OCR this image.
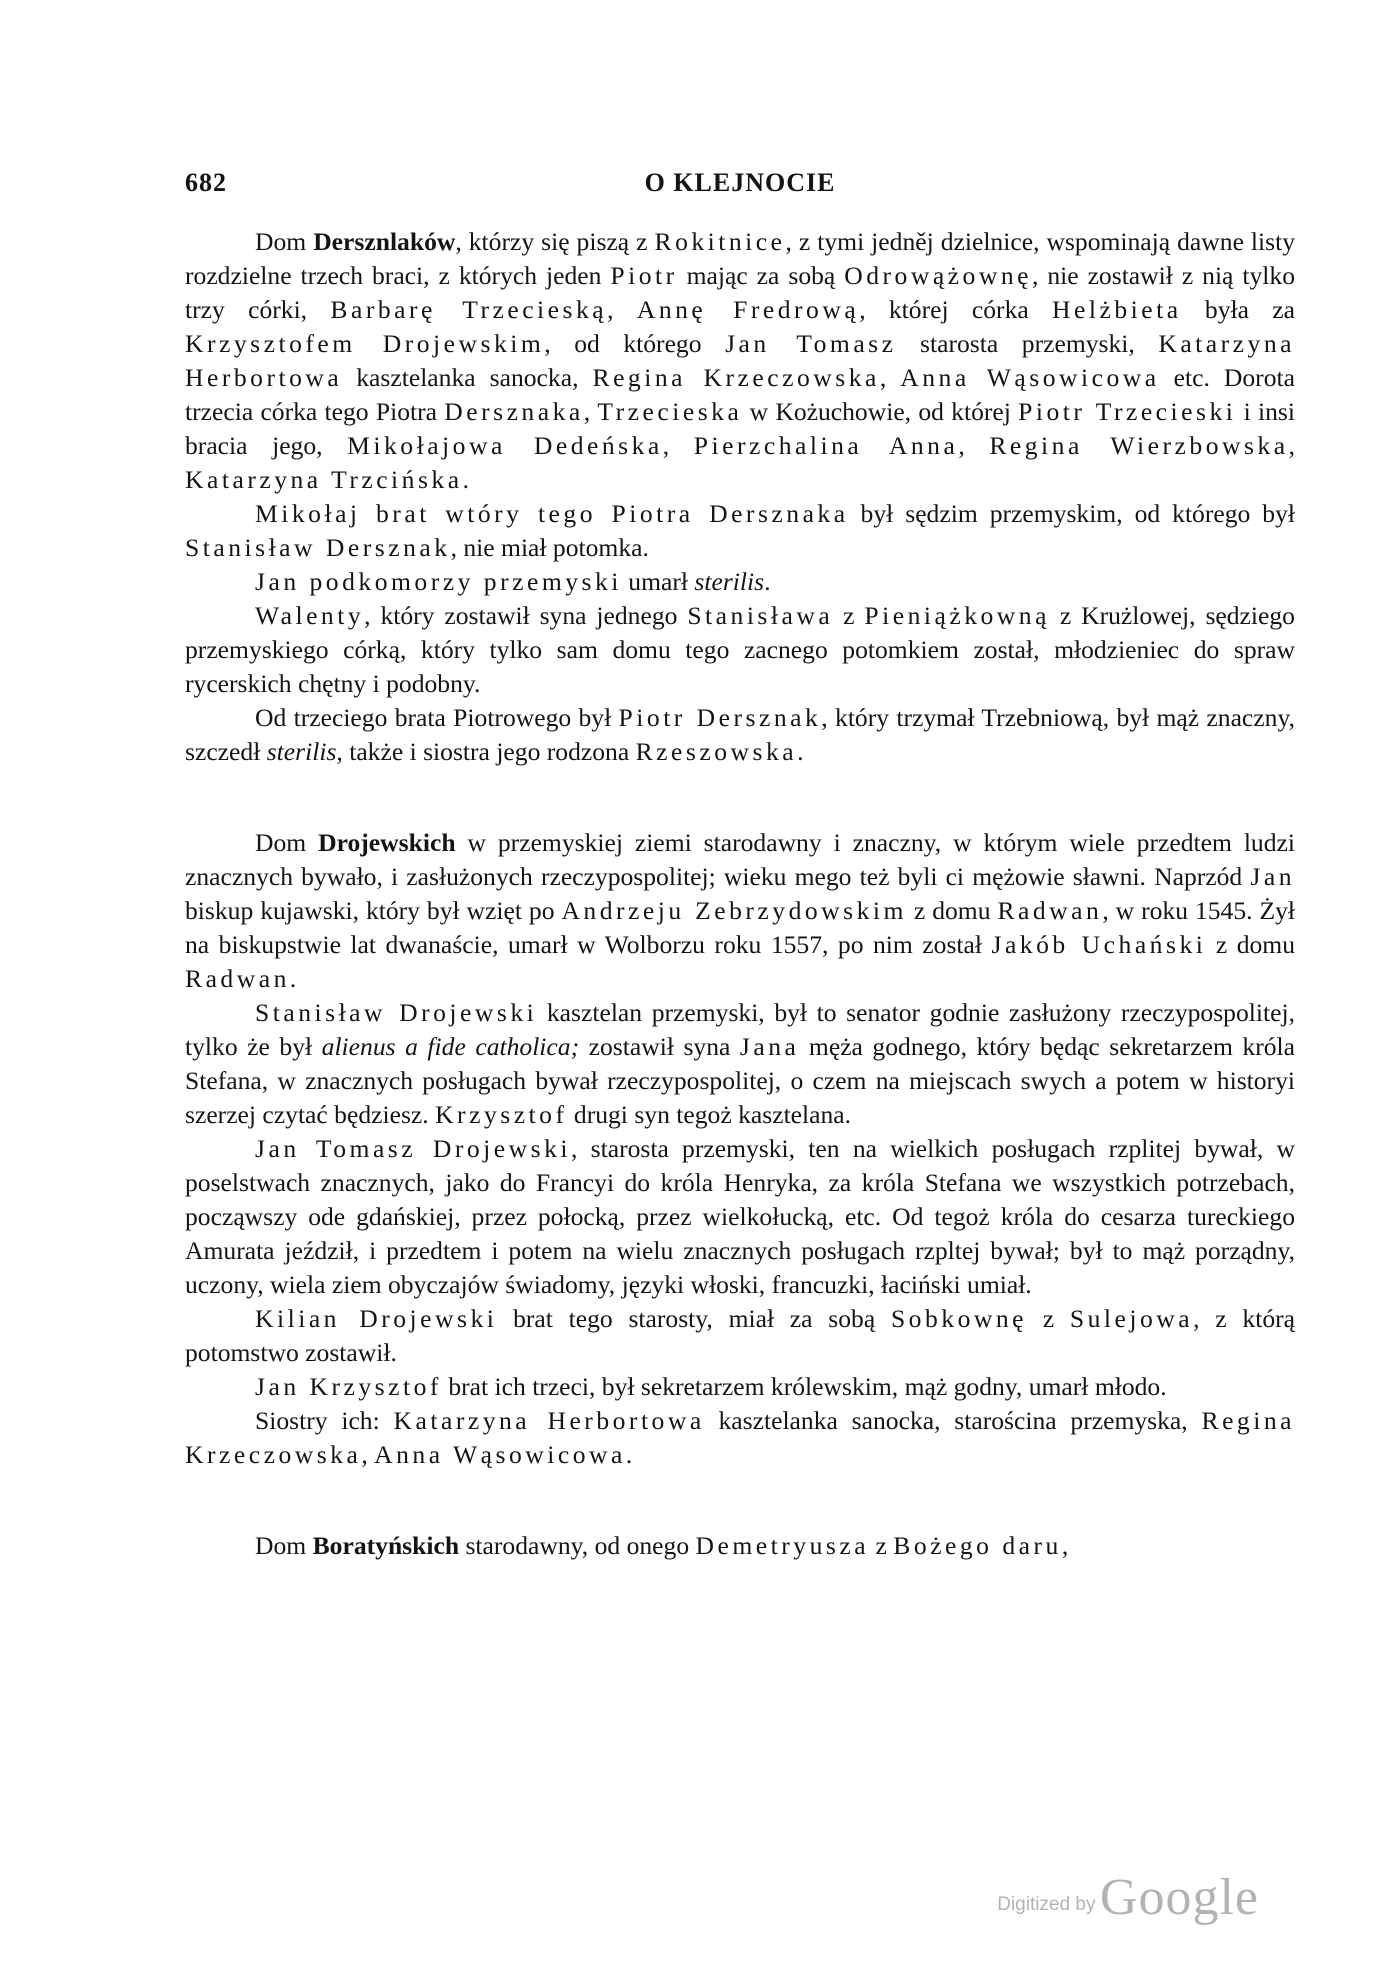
682	O KLEJNOCIE

Dom Dersznlaków, którzy się piszą z Rokitnice, z tymi jedněj dzielnice, wspominają dawne listy rozdzielne trzech braci, z których jeden Piotr mając za sobą Odrowążownę, nie zostawił z nią tylko trzy córki, Barbarę Trzecieską, Annę Fredrową, której córka Helżbieta była za Krzysztofem Drojewskim, od którego Jan Tomasz starosta przemyski, Katarzyna Herbortowa kasztelanka sanocka, Regina Krzeczowska, Anna Wąsowicowa etc. Dorota trzecia córka tego Piotra Dersznaka, Trzecieska w Kożuchowie, od której Piotr Trzecieski i insi bracia jego, Mikołajowa Dedeńska, Pierzchalina Anna, Regina Wierzbowska, Katarzyna Trzcińska.

Mikołaj brat wtóry tego Piotra Dersznaka był sędzim przemyskim, od którego był Stanisław Dersznak, nie miał potomka.

Jan podkomorzy przemyski umarł sterilis.

Walenty, który zostawił syna jednego Stanisława z Pieniążkowną z Krużlowej, sędziego przemyskiego córką, który tylko sam domu tego zacnego potomkiem został, młodzieniec do spraw rycerskich chętny i podobny.

Od trzeciego brata Piotrowego był Piotr Dersznak, który trzymał Trzebniową, był mąż znaczny, szczedł sterilis, także i siostra jego rodzona Rzeszowska.

Dom Drojewskich w przemyskiej ziemi starodawny i znaczny, w którym wiele przedtem ludzi znacznych bywało, i zasłużonych rzeczypospolitej; wieku mego też byli ci mężowie sławni. Naprzód Jan biskup kujawski, który był wzięt po Andrzeju Zebrzydowskim z domu Radwan, w roku 1545. Żył na biskupstwie lat dwanaście, umarł w Wolborzu roku 1557, po nim został Jakób Uchański z domu Radwan.

Stanisław Drojewski kasztelan przemyski, był to senator godnie zasłużony rzeczypospolitej, tylko że był alienus a fide catholica; zostawił syna Jana męża godnego, który będąc sekretarzem króla Stefana, w znacznych posługach bywał rzeczypospolitej, o czem na miejscach swych a potem w historyi szerzej czytać będziesz. Krzysztof drugi syn tegoż kasztelana.

Jan Tomasz Drojewski, starosta przemyski, ten na wielkich posługach rzplitej bywał, w poselstwach znacznych, jako do Francyi do króla Henryka, za króla Stefana we wszystkich potrzebach, począwszy ode gdańskiej, przez połocką, przez wielkołucką, etc. Od tegoż króla do cesarza tureckiego Amurata jeździł, i przedtem i potem na wielu znacznych posługach rzpltej bywał; był to mąż porządny, uczony, wiela ziem obyczajów świadomy, języki włoski, francuzki, łaciński umiał.

Kilian Drojewski brat tego starosty, miał za sobą Sobkownę z Sulejowa, z którą potomstwo zostawił.

Jan Krzysztof brat ich trzeci, był sekretarzem królewskim, mąż godny, umarł młodo.

Siostry ich: Katarzyna Herbortowa kasztelanka sanocka, starościna przemyska, Regina Krzeczowska, Anna Wąsowicowa.

Dom Boratyńskich starodawny, od onego Demetryusza z Bożego daru,

Digitized by Google
